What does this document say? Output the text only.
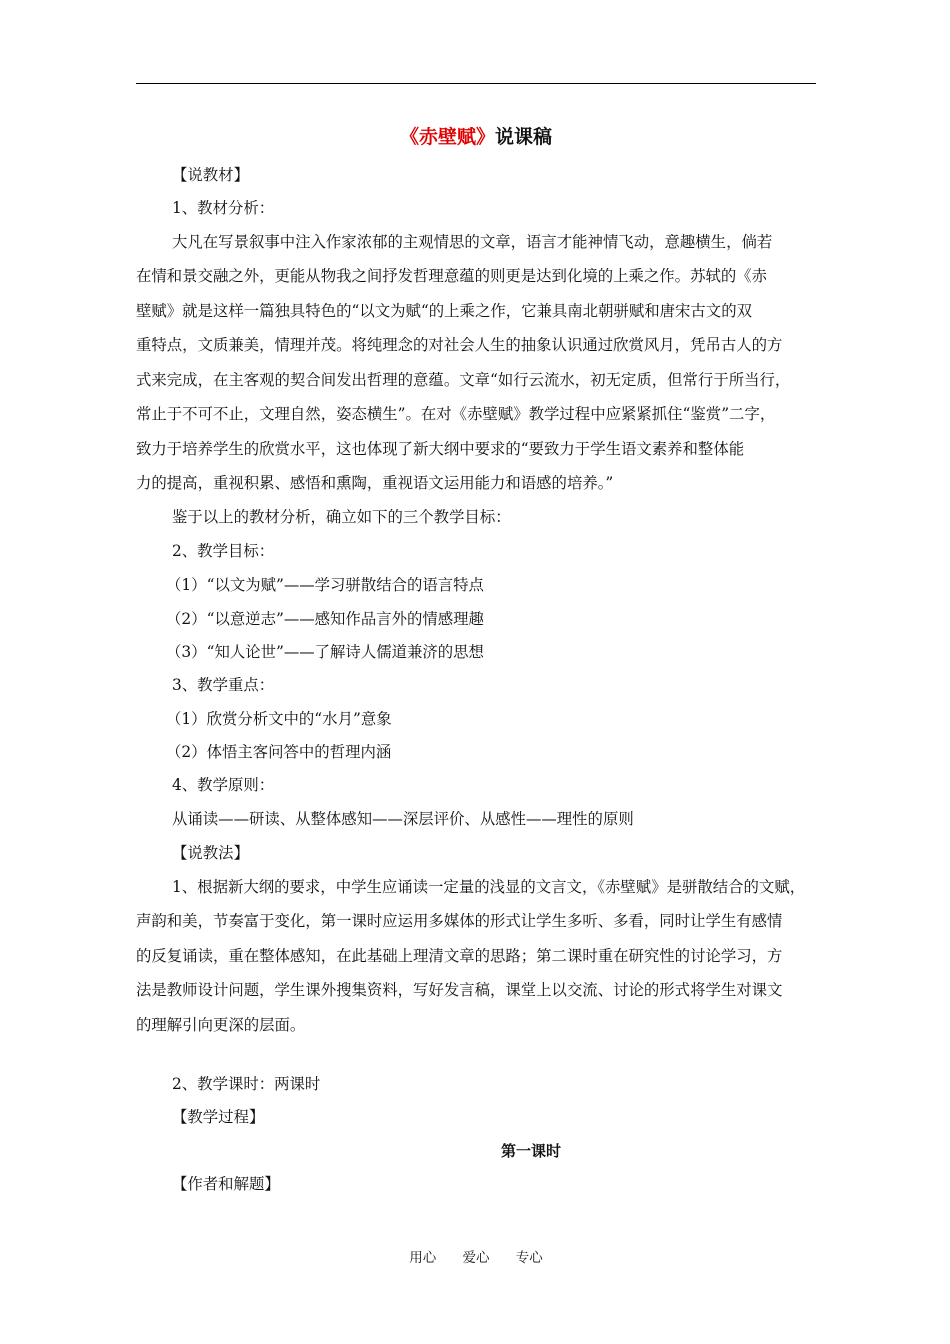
《赤壁赋》说课稿
【说教材】
1、教材分析：
大凡在写景叙事中注入作家浓郁的主观情思的文章，语言才能神情飞动，意趣横生，倘若
在情和景交融之外，更能从物我之间抒发哲理意蕴的则更是达到化境的上乘之作。苏轼的《赤
壁赋》就是这样一篇独具特色的“以文为赋“的上乘之作，它兼具南北朝骈赋和唐宋古文的双
重特点，文质兼美，情理并茂。将纯理念的对社会人生的抽象认识通过欣赏风月，凭吊古人的方
式来完成，在主客观的契合间发出哲理的意蕴。文章“如行云流水，初无定质，但常行于所当行，
常止于不可不止，文理自然，姿态横生”。在对《赤壁赋》教学过程中应紧紧抓住“鉴赏”二字，
致力于培养学生的欣赏水平，这也体现了新大纲中要求的“要致力于学生语文素养和整体能
力的提高，重视积累、感悟和熏陶，重视语文运用能力和语感的培养。”
鉴于以上的教材分析，确立如下的三个教学目标：
2、教学目标：
（1）“以文为赋”——学习骈散结合的语言特点
（2）“以意逆志”——感知作品言外的情感理趣
（3）“知人论世”——了解诗人儒道兼济的思想
3、教学重点：
（1）欣赏分析文中的“水月”意象
（2）体悟主客问答中的哲理内涵
4、教学原则：
从诵读——研读、从整体感知——深层评价、从感性——理性的原则
【说教法】
1、根据新大纲的要求，中学生应诵读一定量的浅显的文言文，《赤壁赋》是骈散结合的文赋，
声韵和美，节奏富于变化，第一课时应运用多媒体的形式让学生多听、多看，同时让学生有感情
的反复诵读，重在整体感知，在此基础上理清文章的思路；第二课时重在研究性的讨论学习，方
法是教师设计问题，学生课外搜集资料，写好发言稿，课堂上以交流、讨论的形式将学生对课文
的理解引向更深的层面。
2、教学课时：两课时
【教学过程】
【作者和解题】
第一课时
用心 爱心 专心
